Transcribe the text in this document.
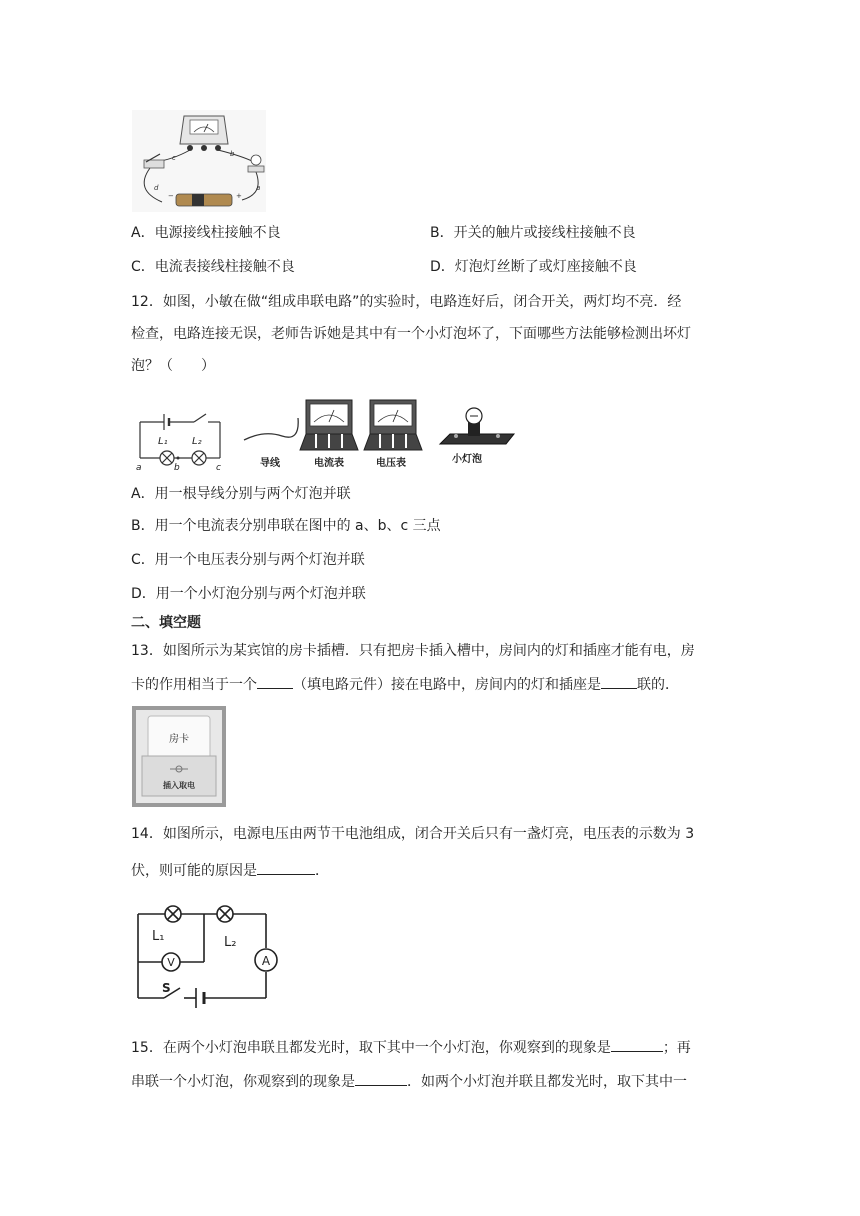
b
c
d	a
+
−
A．电源接线柱接触不良	B．开关的触片或接线柱接触不良
C．电流表接线柱接触不良	D．灯泡灯丝断了或灯座接触不良
12．如图，小敏在做“组成串联电路”的实验时，电路连好后，闭合开关，两灯均不亮．经
检查，电路连接无误，老师告诉她是其中有一个小灯泡坏了，下面哪些方法能够检测出坏灯
泡？（　　）
L₁ L₂
a	b	c	导线	电流表	电压表	小灯泡
A．用一根导线分别与两个灯泡并联
B．用一个电流表分别串联在图中的 a、b、c 三点
C．用一个电压表分别与两个灯泡并联
D．用一个小灯泡分别与两个灯泡并联
二、填空题
13．如图所示为某宾馆的房卡插槽．只有把房卡插入槽中，房间内的灯和插座才能有电，房
卡的作用相当于一个	（填电路元件）接在电路中，房间内的灯和插座是	联的．
房卡
插入取电
14．如图所示，电源电压由两节干电池组成，闭合开关后只有一盏灯亮，电压表的示数为 3
伏，则可能的原因是	．
V	A
L₁	L₂
S
15．在两个小灯泡串联且都发光时，取下其中一个小灯泡，你观察到的现象是	；再
串联一个小灯泡，你观察到的现象是	．如两个小灯泡并联且都发光时，取下其中一
